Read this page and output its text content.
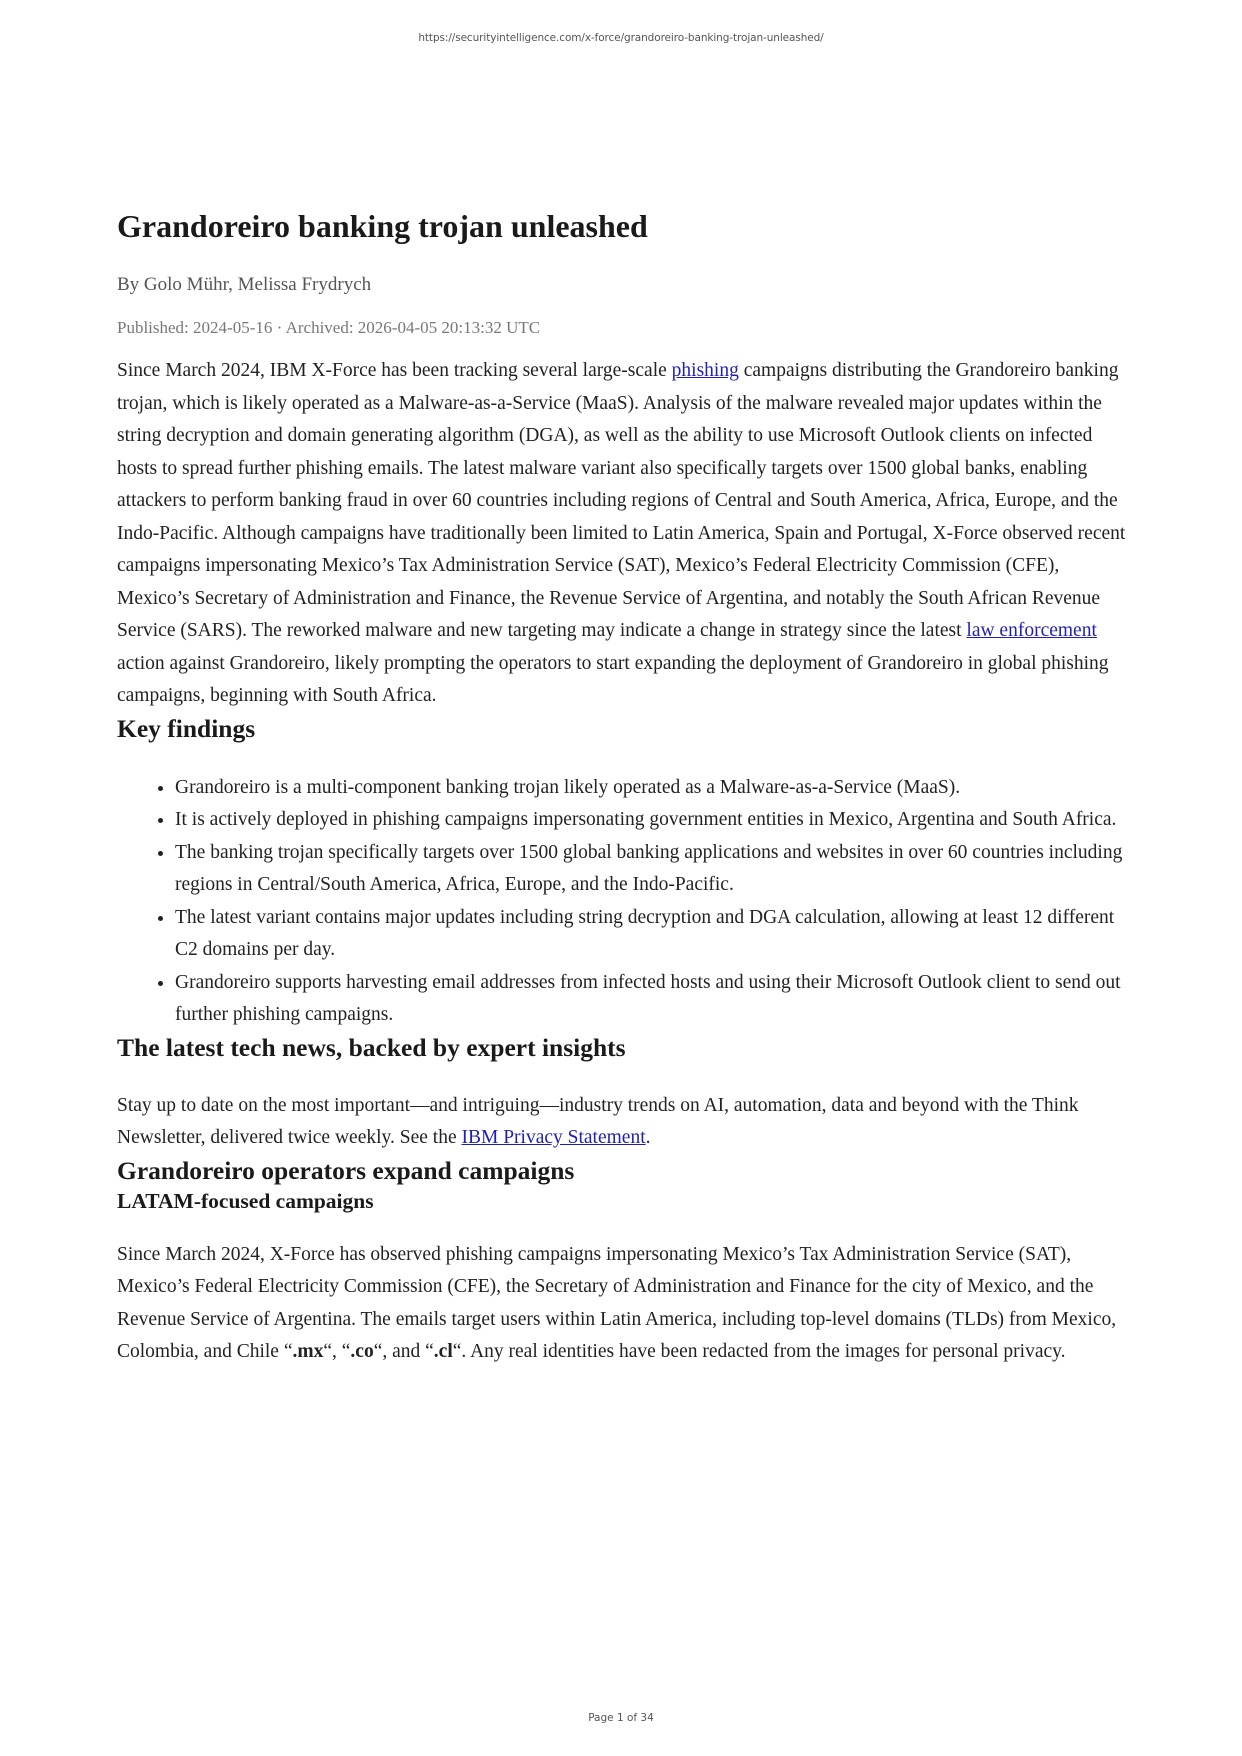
https://securityintelligence.com/x-force/grandoreiro-banking-trojan-unleashed/
Grandoreiro banking trojan unleashed
By Golo Mühr, Melissa Frydrych
Published: 2024-05-16 · Archived: 2026-04-05 20:13:32 UTC

Since March 2024, IBM X-Force has been tracking several large-scale phishing campaigns distributing the Grandoreiro banking trojan, which is likely operated as a Malware-as-a-Service (MaaS). Analysis of the malware revealed major updates within the string decryption and domain generating algorithm (DGA), as well as the ability to use Microsoft Outlook clients on infected hosts to spread further phishing emails. The latest malware variant also specifically targets over 1500 global banks, enabling attackers to perform banking fraud in over 60 countries including regions of Central and South America, Africa, Europe, and the Indo-Pacific. Although campaigns have traditionally been limited to Latin America, Spain and Portugal, X-Force observed recent campaigns impersonating Mexico’s Tax Administration Service (SAT), Mexico’s Federal Electricity Commission (CFE), Mexico’s Secretary of Administration and Finance, the Revenue Service of Argentina, and notably the South African Revenue Service (SARS). The reworked malware and new targeting may indicate a change in strategy since the latest law enforcement action against Grandoreiro, likely prompting the operators to start expanding the deployment of Grandoreiro in global phishing campaigns, beginning with South Africa.

Key findings
• Grandoreiro is a multi-component banking trojan likely operated as a Malware-as-a-Service (MaaS).
• It is actively deployed in phishing campaigns impersonating government entities in Mexico, Argentina and South Africa.
• The banking trojan specifically targets over 1500 global banking applications and websites in over 60 countries including regions in Central/South America, Africa, Europe, and the Indo-Pacific.
• The latest variant contains major updates including string decryption and DGA calculation, allowing at least 12 different C2 domains per day.
• Grandoreiro supports harvesting email addresses from infected hosts and using their Microsoft Outlook client to send out further phishing campaigns.
The latest tech news, backed by expert insights

Stay up to date on the most important—and intriguing—industry trends on AI, automation, data and beyond with the Think Newsletter, delivered twice weekly. See the IBM Privacy Statement.

Grandoreiro operators expand campaigns
LATAM-focused campaigns

Since March 2024, X-Force has observed phishing campaigns impersonating Mexico’s Tax Administration Service (SAT), Mexico’s Federal Electricity Commission (CFE), the Secretary of Administration and Finance for the city of Mexico, and the Revenue Service of Argentina. The emails target users within Latin America, including top-level domains (TLDs) from Mexico, Colombia, and Chile “.mx“, “.co“, and “.cl“. Any real identities have been redacted from the images for personal privacy.

Page 1 of 34
